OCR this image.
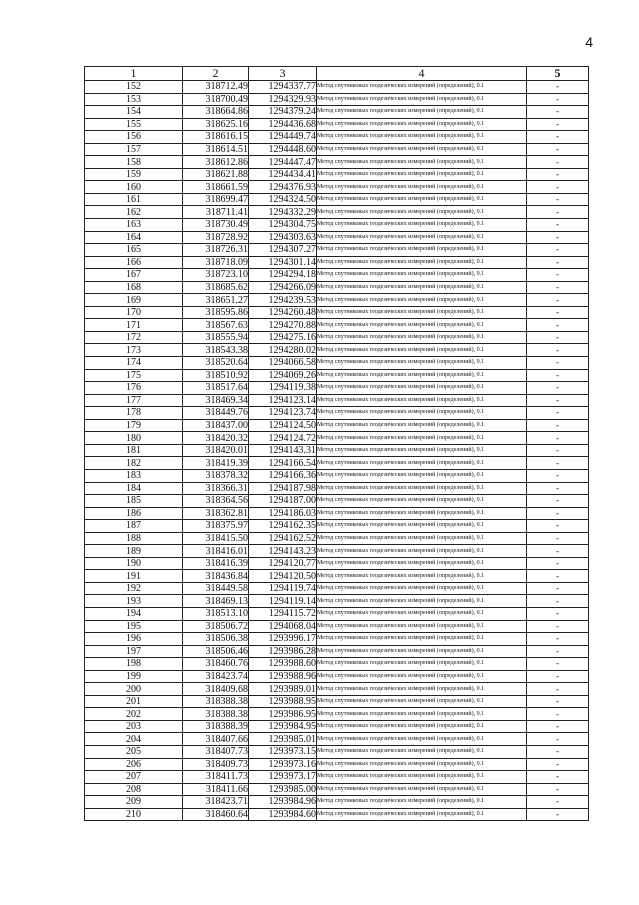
4
1	2	3	4	5
152	318712.49	1294337.77	Метод спутниковых геодезических измерений (определений), 0.1	-
153	318700.49	1294329.93	Метод спутниковых геодезических измерений (определений), 0.1	-
154	318664.86	1294379.24	Метод спутниковых геодезических измерений (определений), 0.1	-
155	318625.16	1294436.68	Метод спутниковых геодезических измерений (определений), 0.1	-
156	318616.15	1294449.74	Метод спутниковых геодезических измерений (определений), 0.1	-
157	318614.51	1294448.60	Метод спутниковых геодезических измерений (определений), 0.1	-
158	318612.86	1294447.47	Метод спутниковых геодезических измерений (определений), 0.1	-
159	318621.88	1294434.41	Метод спутниковых геодезических измерений (определений), 0.1	-
160	318661.59	1294376.93	Метод спутниковых геодезических измерений (определений), 0.1	-
161	318699.47	1294324.50	Метод спутниковых геодезических измерений (определений), 0.1	-
162	318711.41	1294332.29	Метод спутниковых геодезических измерений (определений), 0.1	-
163	318730.49	1294304.75	Метод спутниковых геодезических измерений (определений), 0.1	-
164	318728.92	1294303.63	Метод спутниковых геодезических измерений (определений), 0.1	-
165	318726.31	1294307.27	Метод спутниковых геодезических измерений (определений), 0.1	-
166	318718.09	1294301.14	Метод спутниковых геодезических измерений (определений), 0.1	-
167	318723.10	1294294.18	Метод спутниковых геодезических измерений (определений), 0.1	-
168	318685.62	1294266.09	Метод спутниковых геодезических измерений (определений), 0.1	-
169	318651.27	1294239.53	Метод спутниковых геодезических измерений (определений), 0.1	-
170	318595.86	1294260.48	Метод спутниковых геодезических измерений (определений), 0.1	-
171	318567.63	1294270.88	Метод спутниковых геодезических измерений (определений), 0.1	-
172	318555.94	1294275.16	Метод спутниковых геодезических измерений (определений), 0.1	-
173	318543.38	1294280.02	Метод спутниковых геодезических измерений (определений), 0.1	-
174	318520.64	1294066.58	Метод спутниковых геодезических измерений (определений), 0.1	-
175	318510.92	1294069.26	Метод спутниковых геодезических измерений (определений), 0.1	-
176	318517.64	1294119.38	Метод спутниковых геодезических измерений (определений), 0.1	-
177	318469.34	1294123.14	Метод спутниковых геодезических измерений (определений), 0.1	-
178	318449.76	1294123.74	Метод спутниковых геодезических измерений (определений), 0.1	-
179	318437.00	1294124.50	Метод спутниковых геодезических измерений (определений), 0.1	-
180	318420.32	1294124.72	Метод спутниковых геодезических измерений (определений), 0.1	-
181	318420.01	1294143.31	Метод спутниковых геодезических измерений (определений), 0.1	-
182	318419.39	1294166.54	Метод спутниковых геодезических измерений (определений), 0.1	-
183	318378.32	1294166.36	Метод спутниковых геодезических измерений (определений), 0.1	-
184	318366.31	1294187.98	Метод спутниковых геодезических измерений (определений), 0.1	-
185	318364.56	1294187.00	Метод спутниковых геодезических измерений (определений), 0.1	-
186	318362.81	1294186.03	Метод спутниковых геодезических измерений (определений), 0.1	-
187	318375.97	1294162.35	Метод спутниковых геодезических измерений (определений), 0.1	-
188	318415.50	1294162.52	Метод спутниковых геодезических измерений (определений), 0.1	-
189	318416.01	1294143.23	Метод спутниковых геодезических измерений (определений), 0.1	-
190	318416.39	1294120.77	Метод спутниковых геодезических измерений (определений), 0.1	-
191	318436.84	1294120.50	Метод спутниковых геодезических измерений (определений), 0.1	-
192	318449.58	1294119.74	Метод спутниковых геодезических измерений (определений), 0.1	-
193	318469.13	1294119.14	Метод спутниковых геодезических измерений (определений), 0.1	-
194	318513.10	1294115.72	Метод спутниковых геодезических измерений (определений), 0.1	-
195	318506.72	1294068.04	Метод спутниковых геодезических измерений (определений), 0.1	-
196	318506.38	1293996.17	Метод спутниковых геодезических измерений (определений), 0.1	-
197	318506.46	1293986.28	Метод спутниковых геодезических измерений (определений), 0.1	-
198	318460.76	1293988.60	Метод спутниковых геодезических измерений (определений), 0.1	-
199	318423.74	1293988.96	Метод спутниковых геодезических измерений (определений), 0.1	-
200	318409.68	1293989.01	Метод спутниковых геодезических измерений (определений), 0.1	-
201	318388.38	1293988.95	Метод спутниковых геодезических измерений (определений), 0.1	-
202	318388.38	1293986.95	Метод спутниковых геодезических измерений (определений), 0.1	-
203	318388.39	1293984.95	Метод спутниковых геодезических измерений (определений), 0.1	-
204	318407.66	1293985.01	Метод спутниковых геодезических измерений (определений), 0.1	-
205	318407.73	1293973.15	Метод спутниковых геодезических измерений (определений), 0.1	-
206	318409.73	1293973.16	Метод спутниковых геодезических измерений (определений), 0.1	-
207	318411.73	1293973.17	Метод спутниковых геодезических измерений (определений), 0.1	-
208	318411.66	1293985.00	Метод спутниковых геодезических измерений (определений), 0.1	-
209	318423.71	1293984.96	Метод спутниковых геодезических измерений (определений), 0.1	-
210	318460.64	1293984.60	Метод спутниковых геодезических измерений (определений), 0.1	-
